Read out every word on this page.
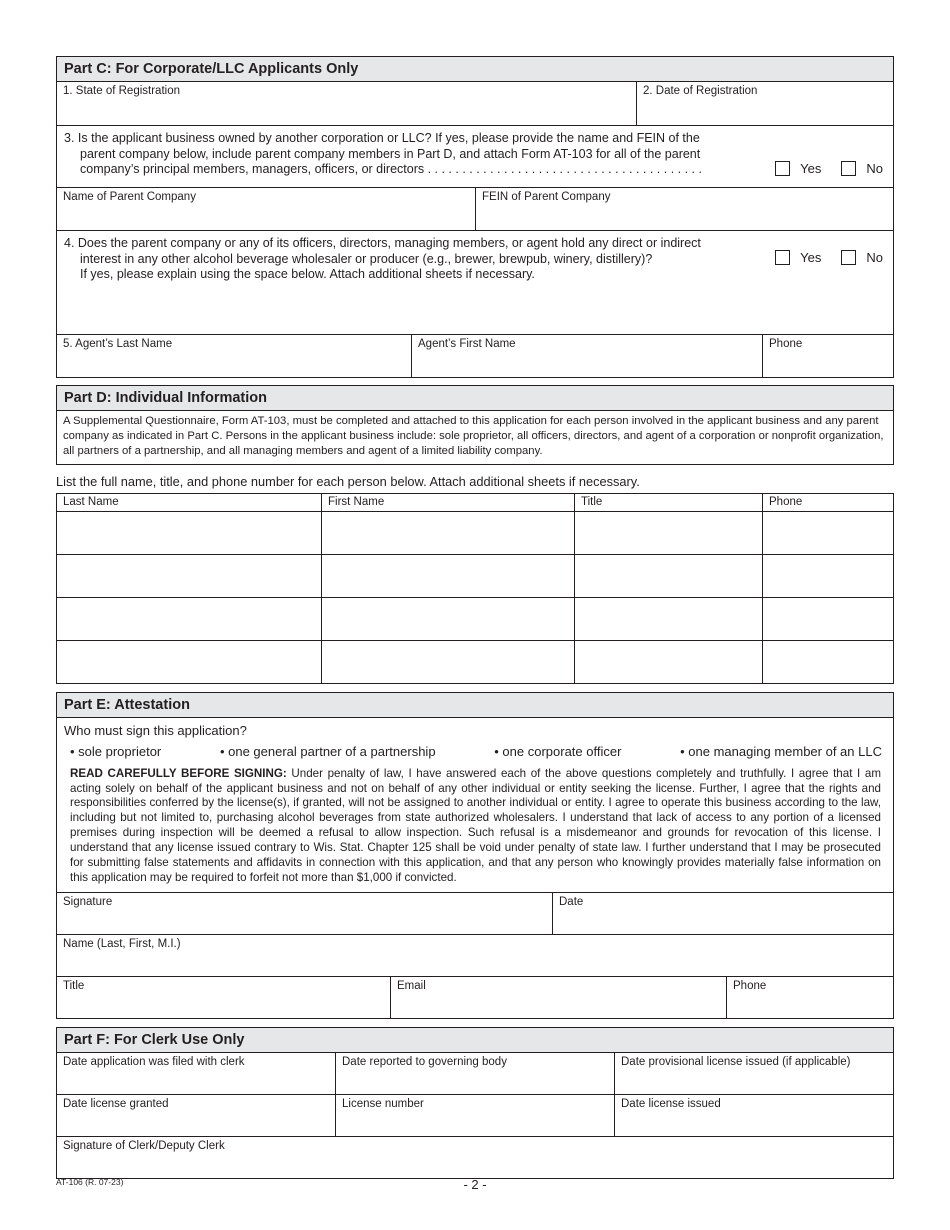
Part C: For Corporate/LLC Applicants Only
1. State of Registration	2. Date of Registration
3. Is the applicant business owned by another corporation or LLC? If yes, please provide the name and FEIN of the
parent company below, include parent company members in Part D, and attach Form AT-103 for all of the parent
company’s principal members, managers, officers, or directors . . . . . . . . . . . . . . . . . . . . . . . . . . . . . . . . . . . . . . . .	Yes	No
Name of Parent Company	FEIN of Parent Company
4. Does the parent company or any of its officers, directors, managing members, or agent hold any direct or indirect
interest in any other alcohol beverage wholesaler or producer (e.g., brewer, brewpub, winery, distillery)?
If yes, please explain using the space below. Attach additional sheets if necessary.
Yes	No
5. Agent’s Last Name	Agent’s First Name	Phone
Part D: Individual Information
A Supplemental Questionnaire, Form AT-103, must be completed and attached to this application for each person involved in the applicant business and any parent company as indicated in Part C. Persons in the applicant business include: sole proprietor, all officers, directors, and agent of a corporation or nonprofit organization, all partners of a partnership, and all managing members and agent of a limited liability company.
List the full name, title, and phone number for each person below. Attach additional sheets if necessary.
Last Name	First Name	Title	Phone

Part E: Attestation
Who must sign this application?
• sole proprietor	• one general partner of a partnership	• one corporate officer	• one managing member of an LLC
READ CAREFULLY BEFORE SIGNING: Under penalty of law, I have answered each of the above questions completely and truthfully. I agree that I am acting solely on behalf of the applicant business and not on behalf of any other individual or entity seeking the license. Further, I agree that the rights and responsibilities conferred by the license(s), if granted, will not be assigned to another individual or entity. I agree to operate this business according to the law, including but not limited to, purchasing alcohol beverages from state authorized wholesalers. I understand that lack of access to any portion of a licensed premises during inspection will be deemed a refusal to allow inspection. Such refusal is a misdemeanor and grounds for revocation of this license. I understand that any license issued contrary to Wis. Stat. Chapter 125 shall be void under penalty of state law. I further understand that I may be prosecuted for submitting false statements and affidavits in connection with this application, and that any person who knowingly provides materially false information on this application may be required to forfeit not more than $1,000 if convicted.
Signature	Date
Name (Last, First, M.I.)
Title	Email	Phone
Part F: For Clerk Use Only
Date application was filed with clerk	Date reported to governing body	Date provisional license issued (if applicable)
Date license granted	License number	Date license issued
Signature of Clerk/Deputy Clerk
AT-106 (R. 07-23)	- 2 -
